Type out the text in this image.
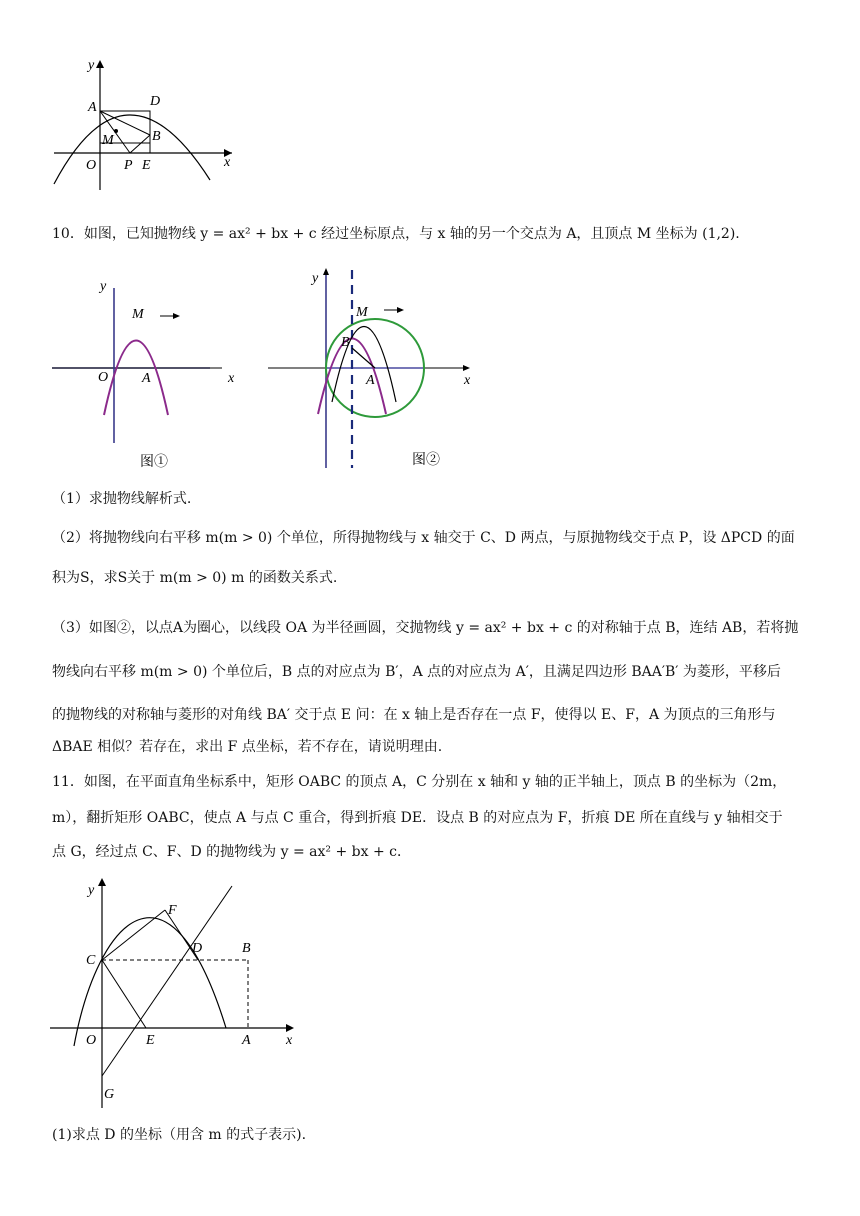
y
A	D
M	B
O P E	x
10．如图，已知抛物线 y = ax² + bx + c 经过坐标原点，与 x 轴的另一个交点为 A，且顶点 M 坐标为 (1,2).
y
M
O A	x
图①
y
M
B
A	x
图②
（1）求抛物线解析式.
（2）将抛物线向右平移 m(m > 0) 个单位，所得抛物线与 x 轴交于 C、D 两点，与原抛物线交于点 P，设 ΔPCD 的面
积为S，求S关于 m(m > 0) m 的函数关系式.
（3）如图②，以点A为圈心，以线段 OA 为半径画圆，交抛物线 y = ax² + bx + c 的对称轴于点 B，连结 AB，若将抛
物线向右平移 m(m > 0) 个单位后，B 点的对应点为 B′，A 点的对应点为 A′，且满足四边形 BAA′B′ 为菱形，平移后
的抛物线的对称轴与菱形的对角线 BA′ 交于点 E 问：在 x 轴上是否存在一点 F，使得以 E、F，A 为顶点的三角形与
ΔBAE 相似？若存在，求出 F 点坐标，若不存在，请说明理由.
11．如图，在平面直角坐标系中，矩形 OABC 的顶点 A，C 分别在 x 轴和 y 轴的正半轴上，顶点 B 的坐标为（2m，
m），翻折矩形 OABC，使点 A 与点 C 重合，得到折痕 DE．设点 B 的对应点为 F，折痕 DE 所在直线与 y 轴相交于
点 G，经过点 C、F、D 的抛物线为 y = ax² + bx + c．
y
F
C
D	B
O	E	A	x
G
(1)求点 D 的坐标（用含 m 的式子表示).
